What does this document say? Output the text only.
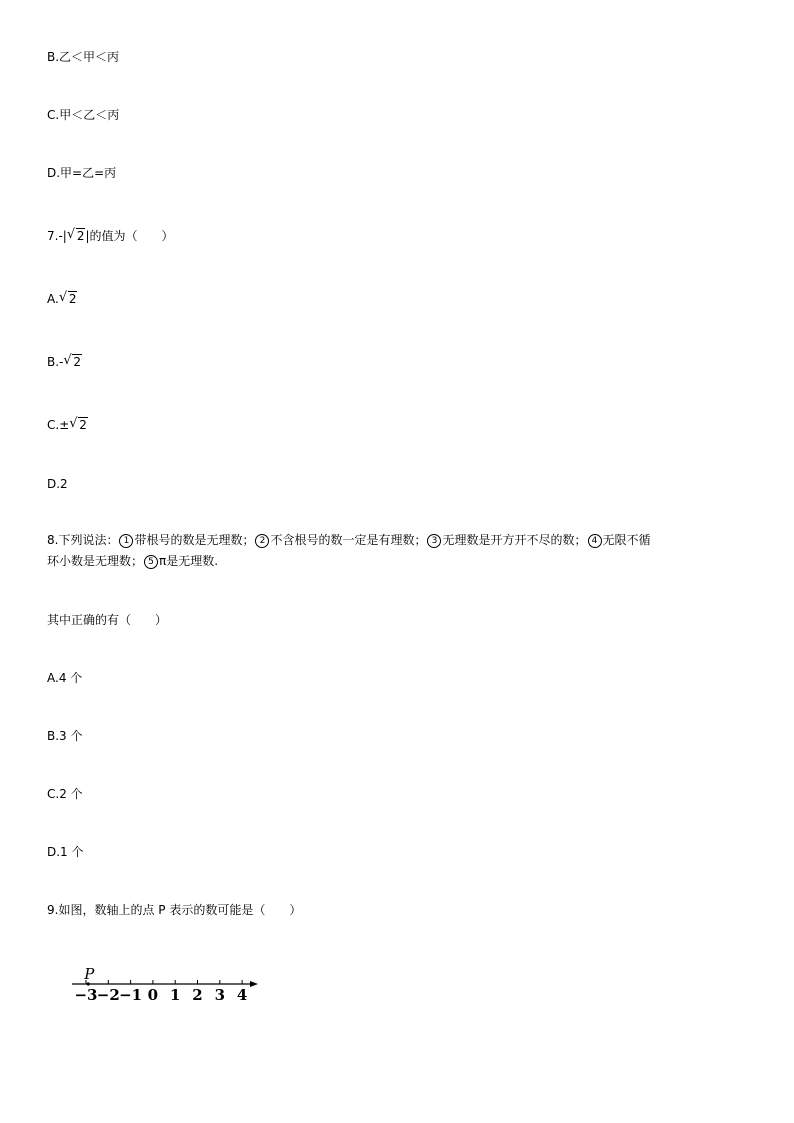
B.乙＜甲＜丙
C.甲＜乙＜丙
D.甲=乙=丙
7.-| √ 2|的值为（　　）
A. √ 2
B.- √ 2
C.± √ 2
D.2
8.下列说法： 1 带根号的数是无理数； 2 不含根号的数一定是有理数； 3 无理数是开方开不尽的数； 4 无限不循
环小数是无理数； 5 π是无理数.
其中正确的有（　　）
A.4 个
B.3 个
C.2 个
D.1 个
9.如图，数轴上的点 P 表示的数可能是（　　）
−3 −2 −1 0 1 2 3 4
P
